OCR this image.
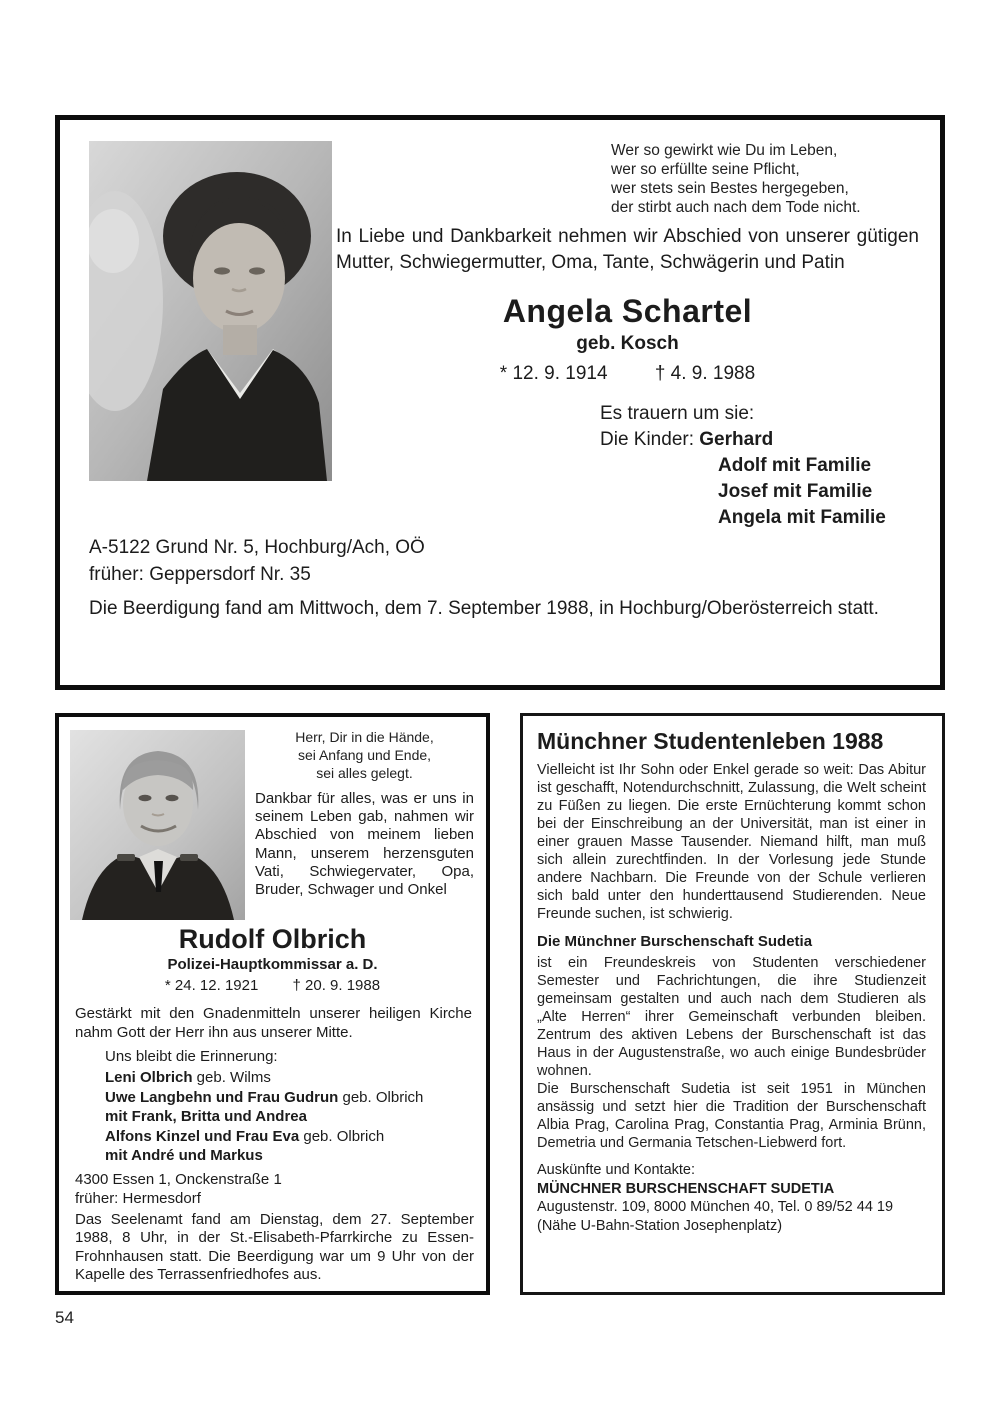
Wer so gewirkt wie Du im Leben,
wer so erfüllte seine Pflicht,
wer stets sein Bestes hergegeben,
der stirbt auch nach dem Tode nicht.

In Liebe und Dankbarkeit nehmen wir Abschied von unserer gütigen Mutter, Schwiegermutter, Oma, Tante, Schwägerin und Patin

Angela Schartel
geb. Kosch
* 12. 9. 1914 † 4. 9. 1988
Es trauern um sie:
Die Kinder: Gerhard
Adolf mit Familie
Josef mit Familie
Angela mit Familie
A-5122 Grund Nr. 5, Hochburg/Ach, OÖ
früher: Geppersdorf Nr. 35

Die Beerdigung fand am Mittwoch, dem 7. September 1988, in Hochburg/Oberösterreich statt.

Herr, Dir in die Hände,
sei Anfang und Ende,
sei alles gelegt.

Dankbar für alles, was er uns in seinem Leben gab, nahmen wir Abschied von meinem lieben Mann, unserem herzensguten Vati, Schwiegervater, Opa, Bruder, Schwager und Onkel

Rudolf Olbrich
Polizei-Hauptkommissar a. D.
* 24. 12. 1921 † 20. 9. 1988

Gestärkt mit den Gnadenmitteln unserer heiligen Kirche nahm Gott der Herr ihn aus unserer Mitte.

Uns bleibt die Erinnerung:
Leni Olbrich geb. Wilms
Uwe Langbehn und Frau Gudrun geb. Olbrich
mit Frank, Britta und Andrea
Alfons Kinzel und Frau Eva geb. Olbrich
mit André und Markus
4300 Essen 1, Onckenstraße 1
früher: Hermesdorf

Das Seelenamt fand am Dienstag, dem 27. September 1988, 8 Uhr, in der St.-Elisabeth-Pfarrkirche zu Essen-Frohnhausen statt. Die Beerdigung war um 9 Uhr von der Kapelle des Terrassenfriedhofes aus.

Münchner Studentenleben 1988

Vielleicht ist Ihr Sohn oder Enkel gerade so weit: Das Abitur ist geschafft, Notendurchschnitt, Zulassung, die Welt scheint zu Füßen zu liegen. Die erste Ernüchterung kommt schon bei der Einschreibung an der Universität, man ist einer in einer grauen Masse Tausender. Niemand hilft, man muß sich allein zurechtfinden. In der Vorlesung jede Stunde andere Nachbarn. Die Freunde von der Schule verlieren sich bald unter den hunderttausend Studierenden. Neue Freunde suchen, ist schwierig.

Die Münchner Burschenschaft Sudetia

ist ein Freundeskreis von Studenten verschiedener Semester und Fachrichtungen, die ihre Studienzeit gemeinsam gestalten und auch nach dem Studieren als „Alte Herren“ ihrer Gemeinschaft verbunden bleiben. Zentrum des aktiven Lebens der Burschenschaft ist das Haus in der Augustenstraße, wo auch einige Bundesbrüder wohnen.

Die Burschenschaft Sudetia ist seit 1951 in München ansässig und setzt hier die Tradition der Burschenschaft Albia Prag, Carolina Prag, Constantia Prag, Arminia Brünn, Demetria und Germania Tetschen-Liebwerd fort.

Auskünfte und Kontakte:
MÜNCHNER BURSCHENSCHAFT SUDETIA
Augustenstr. 109, 8000 München 40, Tel. 0 89/52 44 19
(Nähe U-Bahn-Station Josephenplatz)
54
